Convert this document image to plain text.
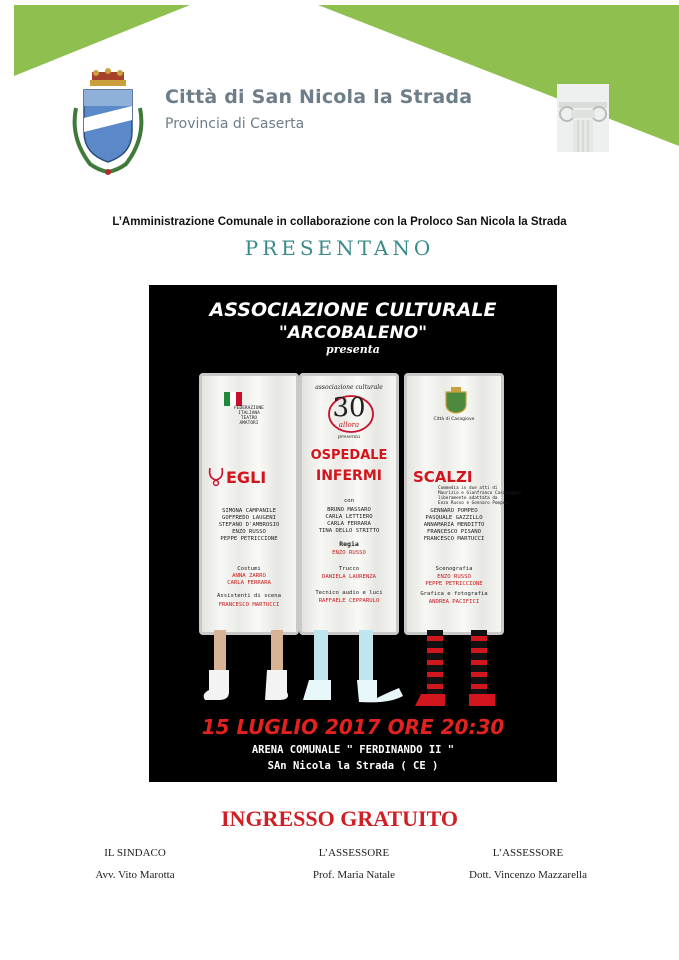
Città di San Nicola la Strada
Provincia di Caserta
L’Amministrazione Comunale in collaborazione con la Proloco San Nicola la Strada
PRESENTANO
ASSOCIAZIONE CULTURALE
"ARCOBALENO"
presenta
FEDERAZIONE
ITALIANA
TEATRO
AMATORI
EGLI
SIMONA CAMPANILE
GOFFREDO LAUGENI
STEFANO D'AMBROSIO
ENZO RUSSO
PEPPE PETRICCIONE
Costumi
ANNA ZARRO
CARLA FERRARA
Assistenti di scena
FRANCESCO MARTUCCI
associazione culturale
30
allora
presenta
OSPEDALE
INFERMI
con
BRUNO MASSARO
CARLA LETTIERO
CARLA FERRARA
TINA DELLO STRITTO
Regia
ENZO RUSSO
Trucco
DANIELA LAURENZA
Tecnico audio e luci
RAFFAELE CEPPARULO
Città di Casagiove
SCALZI
Commedia in due atti di
Maurizio e Gianfranco Casaleggio
liberamente adattata da
Enzo Russo e Gennaro Pompeo
GENNARO POMPEO
PASQUALE GAZZILLO
ANNAMARIA MENDITTO
FRANCESCO PISANO
FRANCESCO MARTUCCI
Scenografia
ENZO RUSSO
PEPPE PETRICCIONE
Grafica e fotografia
ANDREA PACIFICI
15 LUGLIO 2017 ORE 20:30
ARENA COMUNALE " FERDINANDO II "
SAn Nicola la Strada ( CE )
INGRESSO GRATUITO
IL SINDACO	L’ASSESSORE	L’ASSESSORE
Avv. Vito Marotta	Prof. Maria Natale	Dott. Vincenzo Mazzarella
